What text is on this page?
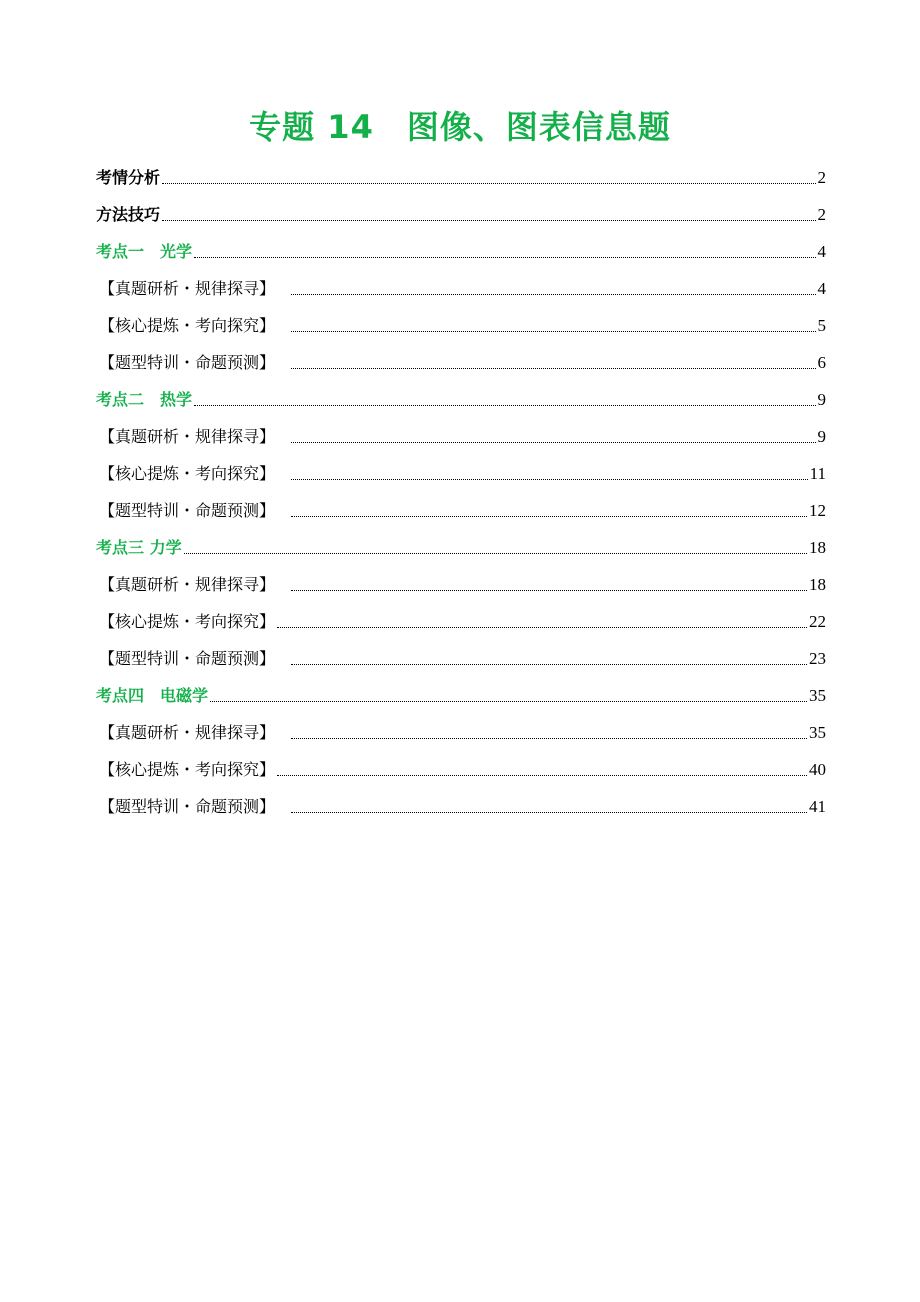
专题 14　图像、图表信息题
考情分析	2
方法技巧	2
考点一　光学	4
【真题研析・规律探寻】	4
【核心提炼・考向探究】	5
【题型特训・命题预测】	6
考点二　热学	9
【真题研析・规律探寻】	9
【核心提炼・考向探究】	11
【题型特训・命题预测】	12
考点三 力学	18
【真题研析・规律探寻】	18
【核心提炼・考向探究】	22
【题型特训・命题预测】	23
考点四　电磁学	35
【真题研析・规律探寻】	35
【核心提炼・考向探究】	40
【题型特训・命题预测】	41
